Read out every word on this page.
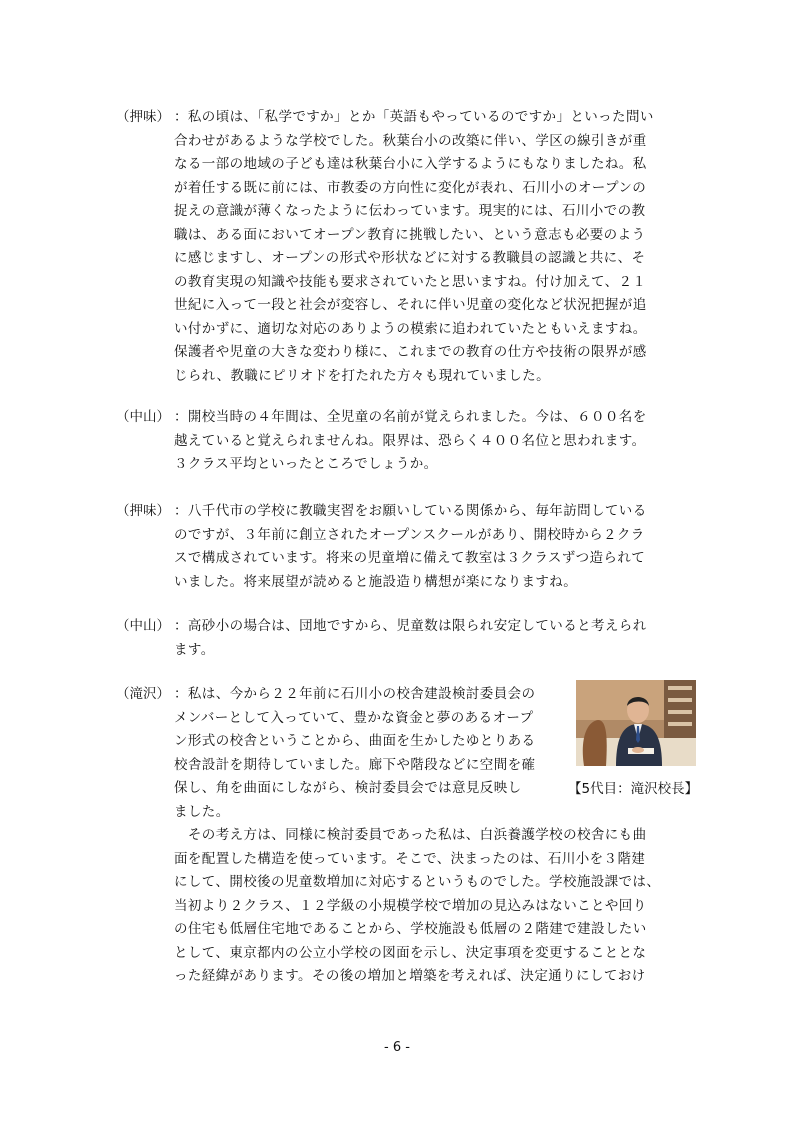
（押味） ：私の頃は、「私学ですか」とか「英語もやっているのですか」といった問い
合わせがあるような学校でした。秋葉台小の改築に伴い、学区の線引きが重
なる一部の地域の子ども達は秋葉台小に入学するようにもなりましたね。私
が着任する既に前には、市教委の方向性に変化が表れ、石川小のオープンの
捉えの意識が薄くなったように伝わっています。現実的には、石川小での教
職は、ある面においてオープン教育に挑戦したい、という意志も必要のよう
に感じますし、オープンの形式や形状などに対する教職員の認識と共に、そ
の教育実現の知識や技能も要求されていたと思いますね。付け加えて、２１
世紀に入って一段と社会が変容し、それに伴い児童の変化など状況把握が追
い付かずに、適切な対応のありようの模索に追われていたともいえますね。
保護者や児童の大きな変わり様に、これまでの教育の仕方や技術の限界が感
じられ、教職にピリオドを打たれた方々も現れていました。
（中山） ：開校当時の４年間は、全児童の名前が覚えられました。今は、６００名を
越えていると覚えられませんね。限界は、恐らく４００名位と思われます。
３クラス平均といったところでしょうか。
（押味） ：八千代市の学校に教職実習をお願いしている関係から、毎年訪問している
のですが、３年前に創立されたオープンスクールがあり、開校時から２クラ
スで構成されています。将来の児童増に備えて教室は３クラスずつ造られて
いました。将来展望が読めると施設造り構想が楽になりますね。
（中山） ：高砂小の場合は、団地ですから、児童数は限られ安定していると考えられ
ます。
（滝沢） ：私は、今から２２年前に石川小の校舎建設検討委員会の
メンバーとして入っていて、豊かな資金と夢のあるオープ
ン形式の校舎ということから、曲面を生かしたゆとりある
校舎設計を期待していました。廊下や階段などに空間を確
保し、角を曲面にしながら、検討委員会では意見反映し
ました。
　その考え方は、同様に検討委員であった私は、白浜養護学校の校舎にも曲
面を配置した構造を使っています。そこで、決まったのは、石川小を３階建
にして、開校後の児童数増加に対応するというものでした。学校施設課では、
当初より２クラス、１２学級の小規模学校で増加の見込みはないことや回り
の住宅も低層住宅地であることから、学校施設も低層の２階建で建設したい
として、東京都内の公立小学校の図面を示し、決定事項を変更することとな
った経緯があります。その後の増加と増築を考えれば、決定通りにしておけ
【5代目：滝沢校長】
- 6 -
